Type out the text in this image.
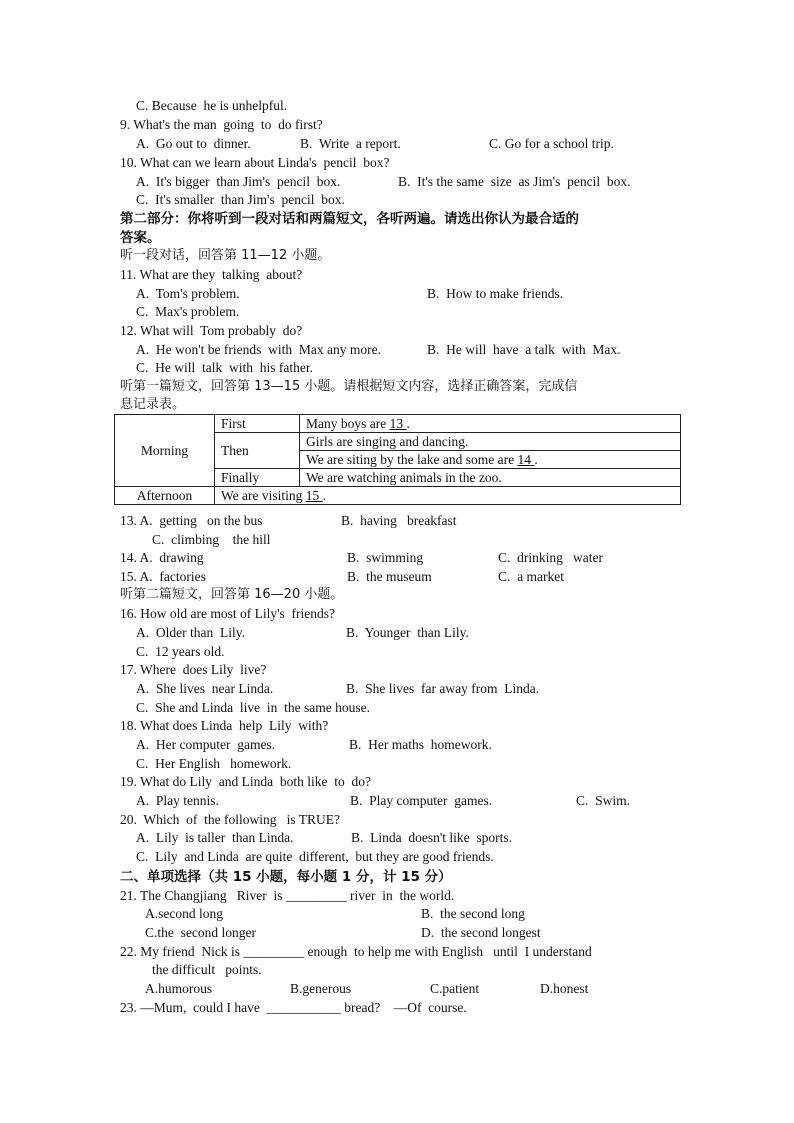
第二部分：你将听到一段对话和两篇短文，各听两遍。请选出你认为最合适的
答案。
听一段对话，回答第 11—12 小题。
听第一篇短文，回答第 13—15 小题。请根据短文内容，选择正确答案，完成信
息记录表。
Morning	First	Many boys are 13 .
	Then	Girls are singing and dancing.
		We are siting by the lake and some are 14 .
	Finally	We are watching animals in the zoo.
Afternoon	We are visiting 15 .	
听第二篇短文，回答第 16—20 小题。
二、单项选择（共 15 小题，每小题 1 分，计 15 分）
C. Because  he is unhelpful.
9. What's the man  going  to  do first?
A.  Go out to  dinner.	B.  Write  a report.	C. Go for a school trip.
10. What can we learn about Linda's  pencil  box?
A.  It's bigger  than Jim's  pencil  box.	B.  It's the same  size  as Jim's  pencil  box.
C.  It's smaller  than Jim's  pencil  box.
11. What are they  talking  about?
A.  Tom's problem.	B.  How to make friends.
C.  Max's problem.
12. What will  Tom probably  do?
A.  He won't be friends  with  Max any more.	B.  He will  have  a talk  with  Max.
C.  He will  talk  with  his father.
13. A.  getting   on the bus	B.  having   breakfast
C.  climbing    the hill
14. A.  drawing	B.  swimming	C.  drinking   water
15. A.  factories	B.  the museum	C.  a market
16. How old are most of Lily's  friends?
A.  Older than  Lily.	B.  Younger  than Lily.
C.  12 years old.
17. Where  does Lily  live?
A.  She lives  near Linda.	B.  She lives  far away from  Linda.
C.  She and Linda  live  in  the same house.
18. What does Linda  help  Lily  with?
A.  Her computer  games.	B.  Her maths  homework.
C.  Her English   homework.
19. What do Lily  and Linda  both like  to  do?
A.  Play tennis.	B.  Play computer  games.	C.  Swim.
20.  Which  of  the following   is TRUE?
A.  Lily  is taller  than Linda.	B.  Linda  doesn't like  sports.
C.  Lily  and Linda  are quite  different,  but they are good friends.
21. The Changjiang   River  is _________ river  in  the world.
A.second long	B.  the second long
C.the  second longer	D.  the second longest
22. My friend  Nick is _________ enough  to help me with English   until  I understand
the difficult   points.
A.humorous	B.generous	C.patient	D.honest
23. —Mum,  could I have  ___________ bread?    —Of  course.
